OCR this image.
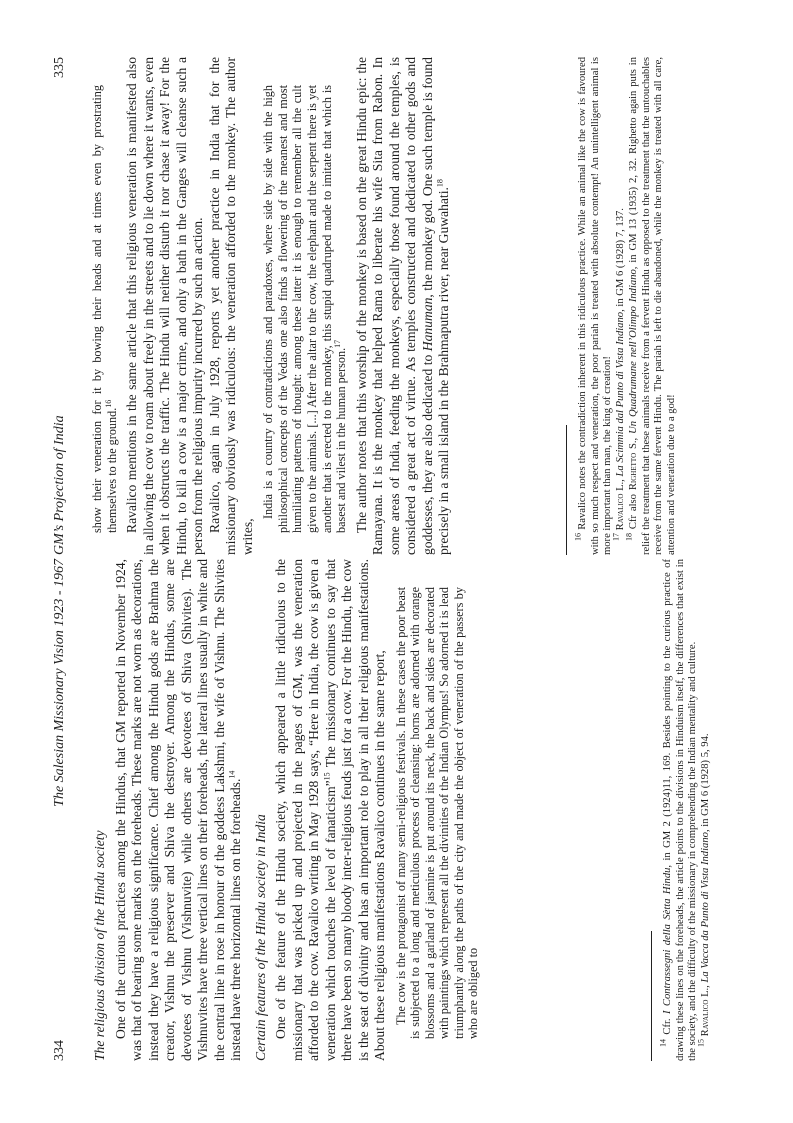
334
The Salesian Missionary Vision 1923 - 1967
The religious division of the Hindu society One of the curious practices among the Hindus, that GM reported in November 1924, was that of bearing some marks on the foreheads. These marks are not worn as decorations, instead they have a religious significance. Chief among the Hindu gods are Brahma the creator, Vishnu the preserver and Shiva the destroyer. Among the Hindus, some are devotees of Vishnu (Vishnuvite) while others are devotees of Shiva (Shivites). The Vishnuvites have three vertical lines on their foreheads, the lateral lines usually in white and the central line in rose in honour of the goddess Lakshmi, the wife of Vishnu. The Shivites instead have three horizontal lines on the foreheads.$^{14}$

Certain features of the Hindu society in India One of the feature of the Hindu society, which appeared a little ridiculous to the missionary that was picked up and projected in the pages of GM, was the veneration afforded to the cow. Ravalico writing in May 1928 says, “Here in India, the cow is given a veneration which touches the level of fanaticism”$^{15}$ The missionary continues to say that there have been so many bloody inter-religious feuds just for a cow. For the Hindu, the cow is the seat of divinity and has an important role to play in all their religious manifestations. About these religious manifestations Ravalico continues in the same report, The cow is the protagonist of many semi-religious festivals. In these cases the poor beast is subjected to a long and meticulous process of cleansing: horns are adorned with orange blossoms and a garland of jasmine is put around its neck, the back and sides are decorated with paintings which represent all the divinities of the Indian Olympus! So adorned it is lead triumphantly along the paths of the city and made the object of veneration of the passers by who are obliged to

$^{14}$ Cfr. I Contrassegni della Sètta Hindu, in GM 2 (1924)11, 169. Besides pointing to the curious practice of drawing these lines on the foreheads, the article points to the divisions in Hinduism itself, the differences that exist in the society, and the difficulty of the missionary in comprehending the Indian mentality and culture.

$^{15}$ Ravalico L., La Vacca da Punto di Vista Indiano, in GM 6 (1928) 5, 94.

GM’s Projection of India
335

show their veneration for it by bowing their heads and at times even by prostrating themselves to the ground.$^{16}$ Ravalico mentions in the same article that this religious veneration is manifested also in allowing the cow to roam about freely in the streets and to lie down where it wants, even when it obstructs the traffic. The Hindu will neither disturb it nor chase it away! For the Hindu, to kill a cow is a major crime, and only a bath in the Ganges will cleanse such a person from the religious impurity incurred by such an action. Ravalico, again in July 1928, reports yet another practice in India that for the missionary obviously was ridiculous: the veneration afforded to the monkey. The author writes,

India is a country of contradictions and paradoxes, where side by side with the high philosophical concepts of the Vedas one also finds a flowering of the meanest and most humiliating patterns of thought: among these latter it is enough to remember all the cult given to the animals. [...] After the altar to the cow, the elephant and the serpent there is yet another that is erected to the monkey, this stupid quadruped made to imitate that which is basest and vilest in the human person.$^{17}$ The author notes that this worship of the monkey is based on the great Hindu epic: the Ramayana. It is the monkey that helped Rama to liberate his wife Sita from Rabon. In some areas of India, feeding the monkeys, especially those found around the temples, is considered a great act of virtue. As temples constructed and dedicated to other gods and goddesses, they are also dedicated to Hanuman, the monkey god. One such temple is found precisely in a small island in the Brahmaputra river, near Guwahati.$^{18}$

$^{16}$ Ravalico notes the contradiction inherent in this ridiculous practice. While an animal like the cow is favoured with so much respect and veneration, the poor pariah is treated with absolute contempt! An unintelligent animal is more important than man, the king of creation!

$^{17}$ Ravalico L., La Scimmia dal Punto di Vista Indiano, in GM 6 (1928) 7, 137.

$^{18}$ Cfr also Righetto S., Un Quadrumane nell’Olimpo Indiano, in GM 13 (1935) 2, 32. Righetto again puts in relief the treatment that these animals receive from a fervent Hindu as opposed to the treatment that the untouchables receive from the same fervent Hindu. The pariah is left to die abandoned, while the monkey is treated with all care, attention and veneration due to a god!
